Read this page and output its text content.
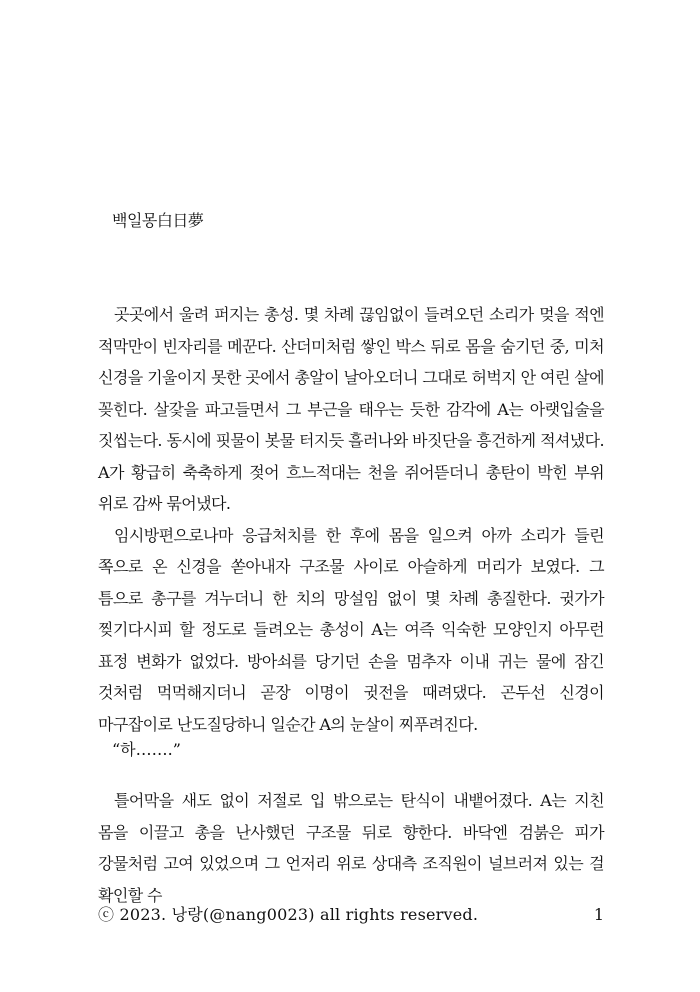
백일몽白日夢

곳곳에서 울려 퍼지는 총성. 몇 차례 끊임없이 들려오던 소리가 멎을 적엔 적막만이 빈자리를 메꾼다. 산더미처럼 쌓인 박스 뒤로 몸을 숨기던 중, 미처 신경을 기울이지 못한 곳에서 총알이 날아오더니 그대로 허벅지 안 여린 살에 꽂힌다. 살갗을 파고들면서 그 부근을 태우는 듯한 감각에 A는 아랫입술을 짓씹는다. 동시에 핏물이 봇물 터지듯 흘러나와 바짓단을 흥건하게 적셔냈다. A가 황급히 축축하게 젖어 흐느적대는 천을 쥐어뜯더니 총탄이 박힌 부위 위로 감싸 묶어냈다.

임시방편으로나마 응급처치를 한 후에 몸을 일으켜 아까 소리가 들린 쪽으로 온 신경을 쏟아내자 구조물 사이로 아슬하게 머리가 보였다. 그 틈으로 총구를 겨누더니 한 치의 망설임 없이 몇 차례 총질한다. 귓가가 찢기다시피 할 정도로 들려오는 총성이 A는 여즉 익숙한 모양인지 아무런 표정 변화가 없었다. 방아쇠를 당기던 손을 멈추자 이내 귀는 물에 잠긴 것처럼 먹먹해지더니 곧장 이명이 귓전을 때려댔다. 곤두선 신경이 마구잡이로 난도질당하니 일순간 A의 눈살이 찌푸려진다.

“하…….”

틀어막을 새도 없이 저절로 입 밖으로는 탄식이 내뱉어졌다. A는 지친 몸을 이끌고 총을 난사했던 구조물 뒤로 향한다. 바닥엔 검붉은 피가 강물처럼 고여 있었으며 그 언저리 위로 상대측 조직원이 널브러져 있는 걸 확인할 수

ⓒ 2023. 낭랑(@nang0023) all rights reserved.	1
